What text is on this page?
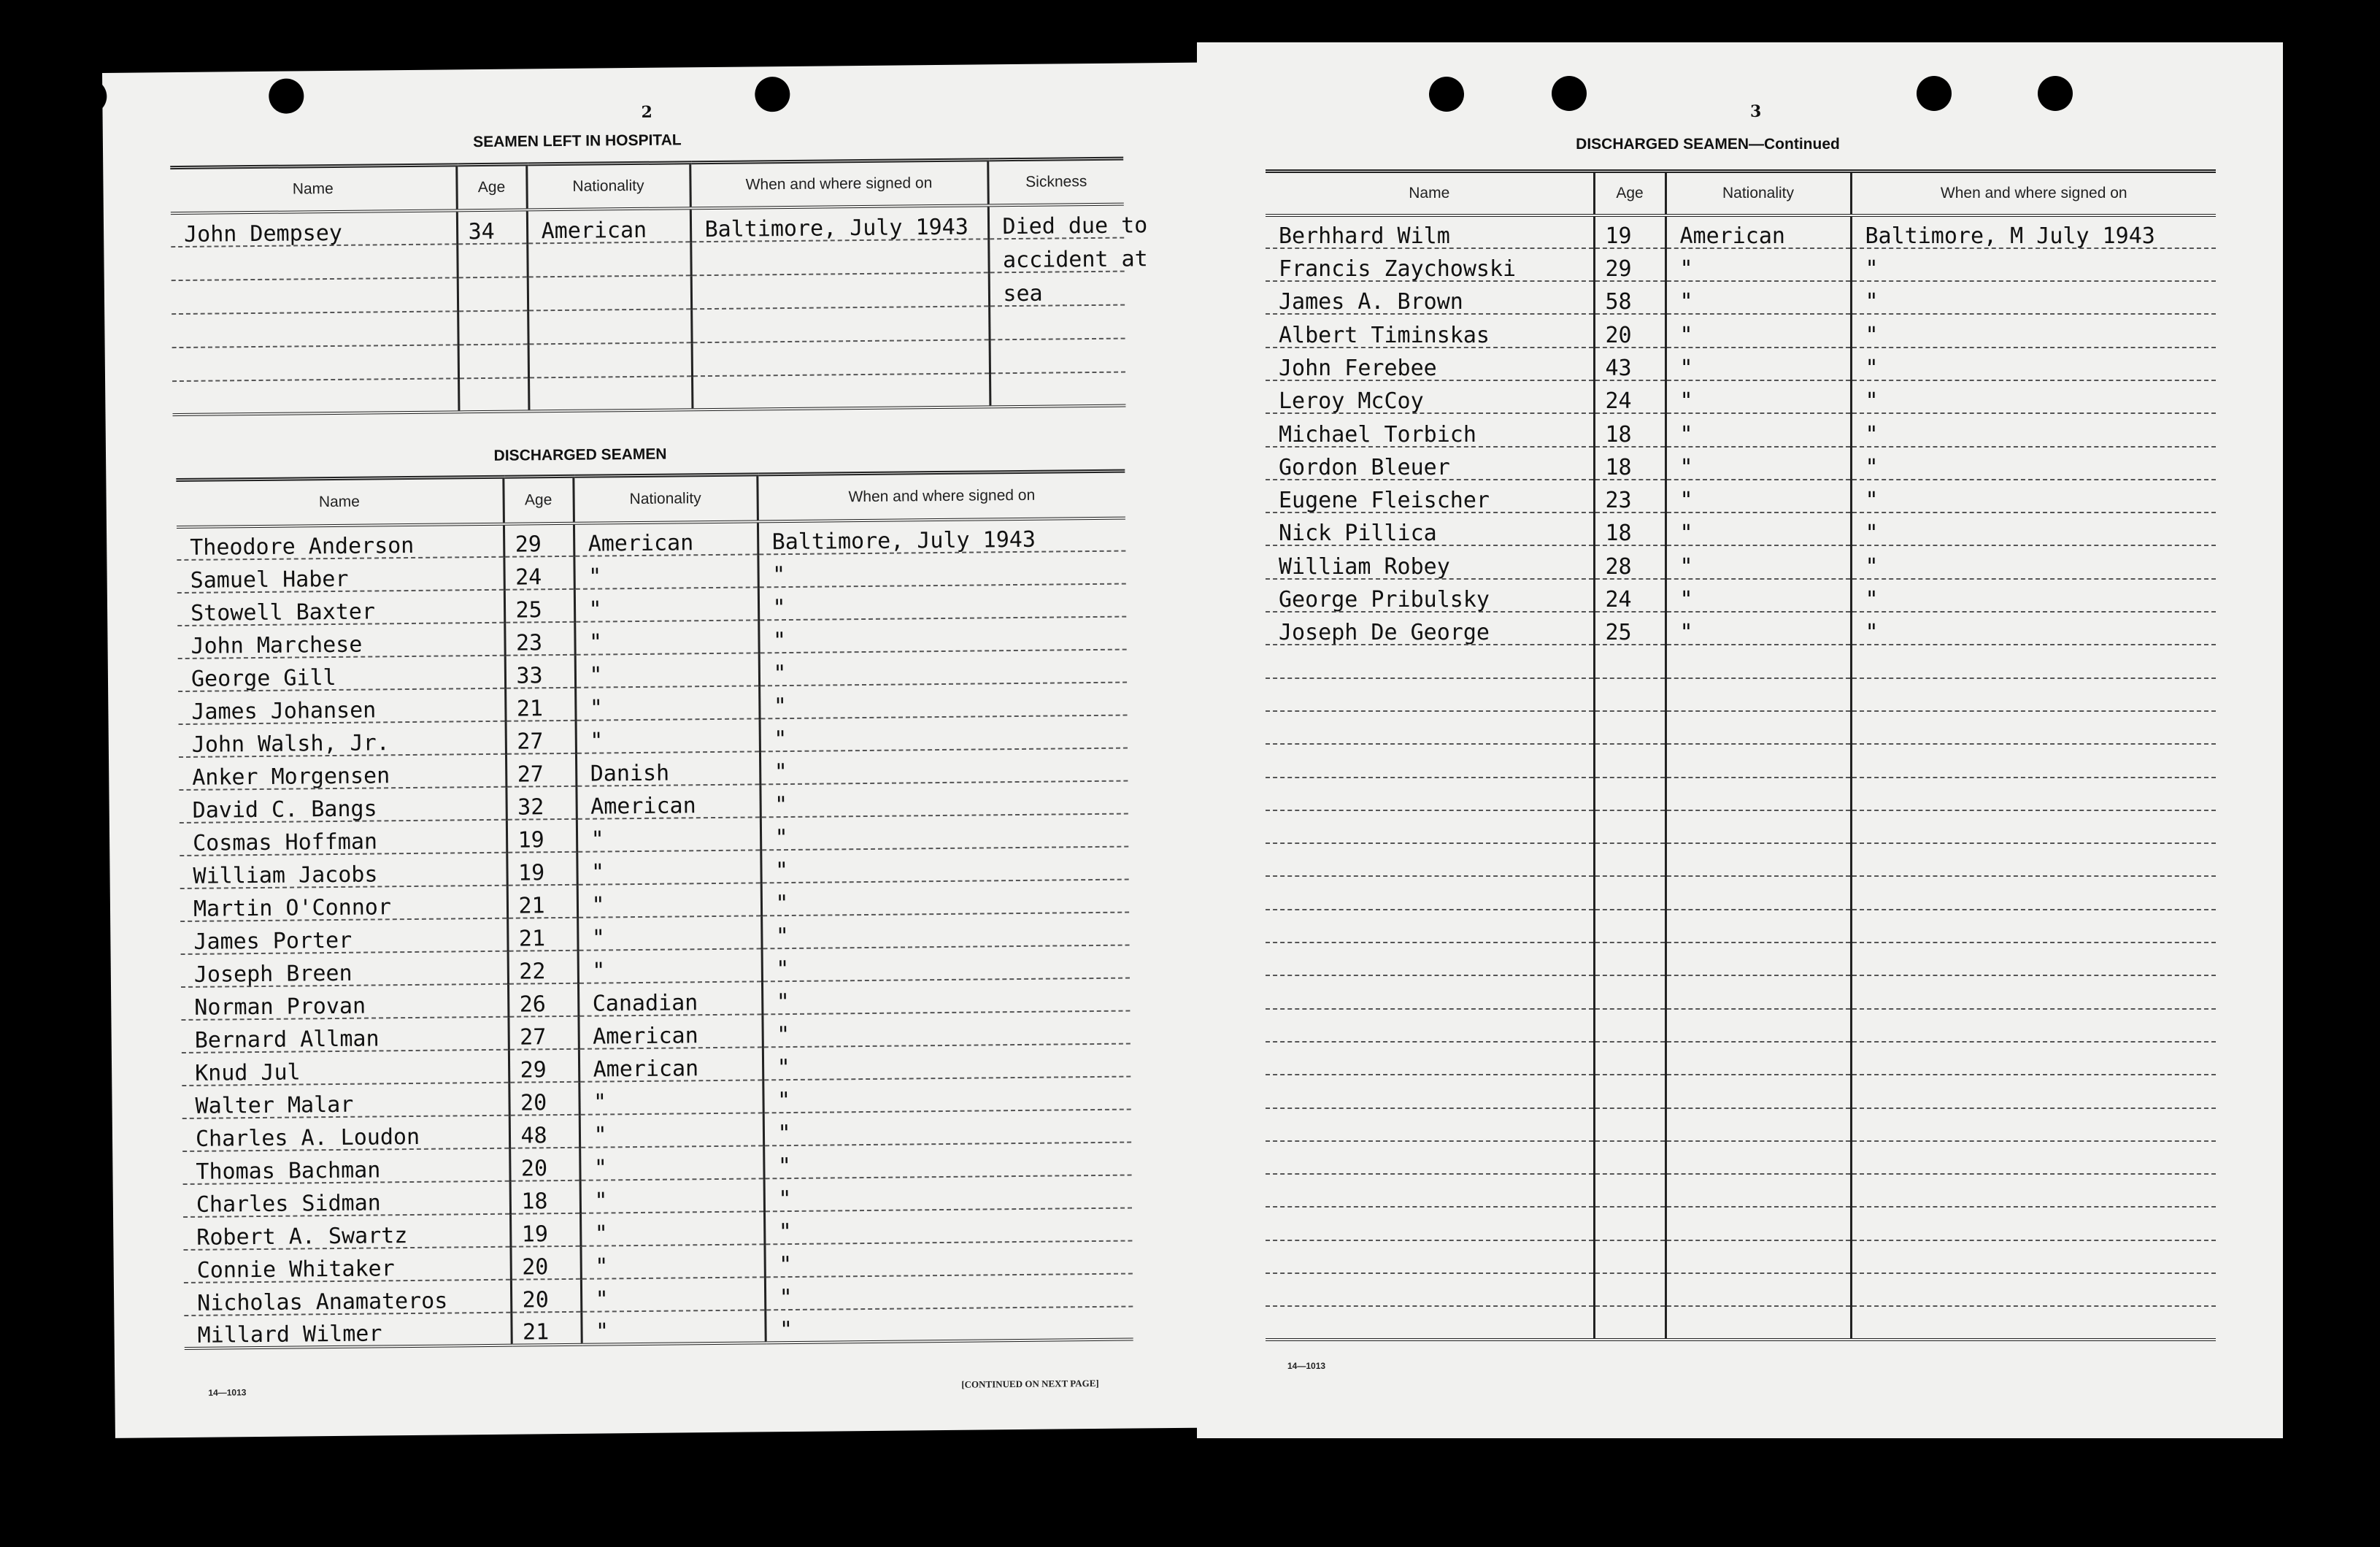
2
SEAMEN LEFT IN HOSPITAL
Name	Age	Nationality	When and where signed on	Sickness
John Dempsey	34	American	Baltimore, July 1943	Died due to
				accident at
				sea

DISCHARGED SEAMEN
Name	Age	Nationality	When and where signed on
Theodore Anderson	29	American	Baltimore, July 1943
Samuel Haber	24	"	"
Stowell Baxter	25	"	"
John Marchese	23	"	"
George Gill	33	"	"
James Johansen	21	"	"
John Walsh, Jr.	27	"	"
Anker Morgensen	27	Danish	"
David C. Bangs	32	American	"
Cosmas Hoffman	19	"	"
William Jacobs	19	"	"
Martin O'Connor	21	"	"
James Porter	21	"	"
Joseph Breen	22	"	"
Norman Provan	26	Canadian	"
Bernard Allman	27	American	"
Knud Jul	29	American	"
Walter Malar	20	"	"
Charles A. Loudon	48	"	"
Thomas Bachman	20	"	"
Charles Sidman	18	"	"
Robert A. Swartz	19	"	"
Connie Whitaker	20	"	"
Nicholas Anamateros	20	"	"
Millard Wilmer	21	"	"
14—1013
[CONTINUED ON NEXT PAGE]
3
DISCHARGED SEAMEN—Continued
Name	Age	Nationality	When and where signed on
Berhhard Wilm	19	American	Baltimore, M July 1943
Francis Zaychowski	29	"	"
James A. Brown	58	"	"
Albert Timinskas	20	"	"
John Ferebee	43	"	"
Leroy McCoy	24	"	"
Michael Torbich	18	"	"
Gordon Bleuer	18	"	"
Eugene Fleischer	23	"	"
Nick Pillica	18	"	"
William Robey	28	"	"
George Pribulsky	24	"	"
Joseph De George	25	"	"

14—1013
